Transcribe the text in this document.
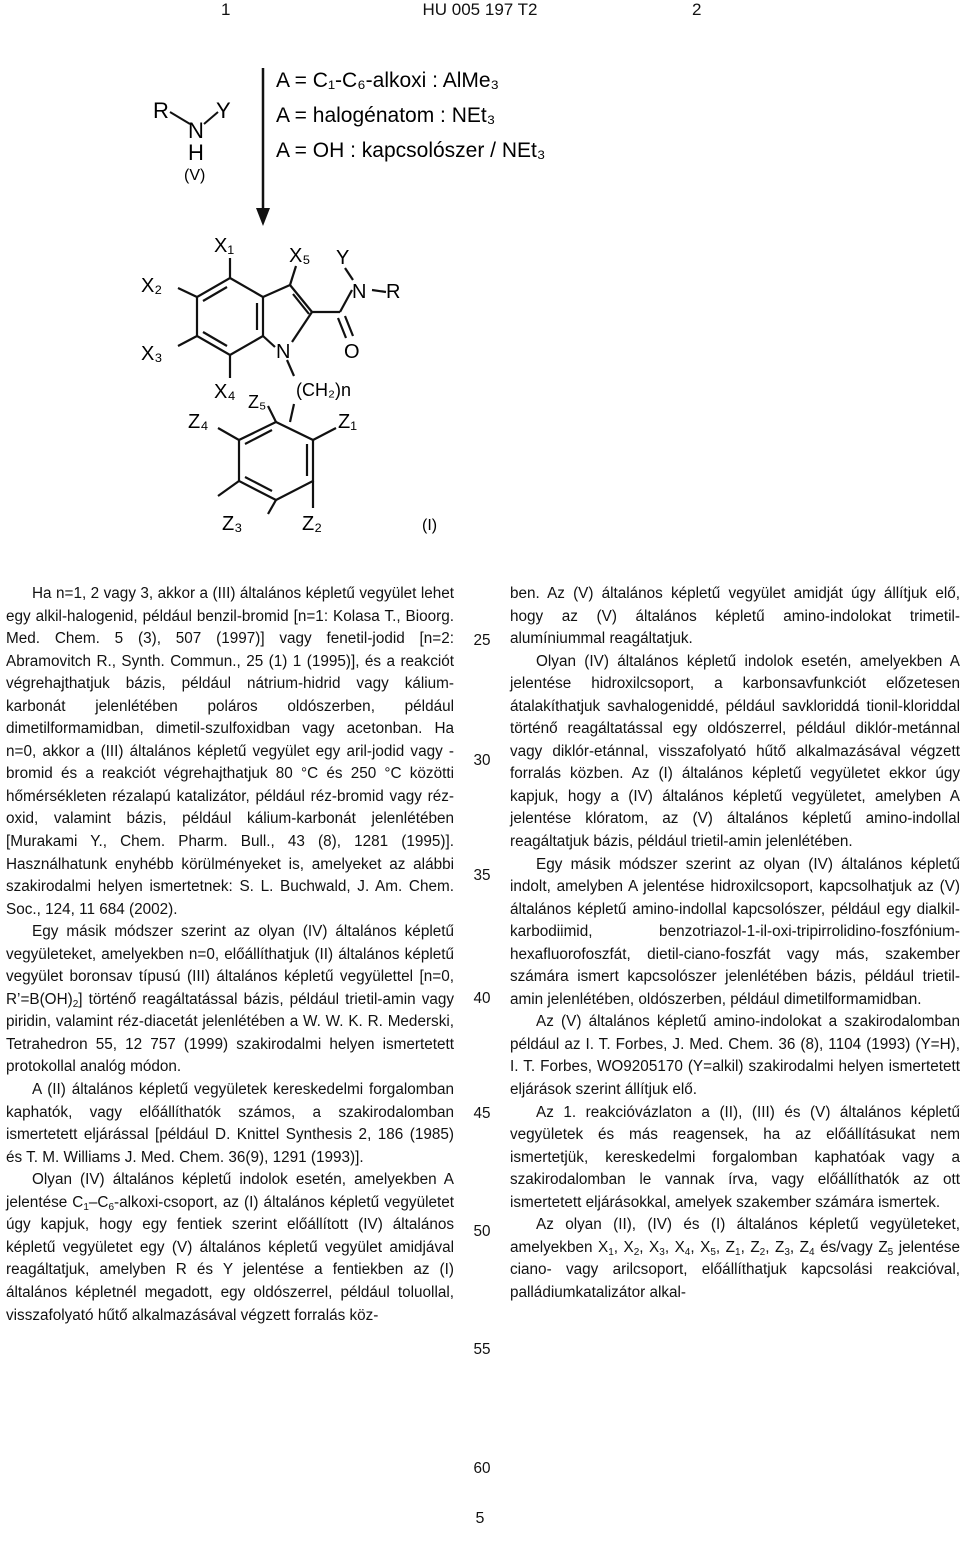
1	HU 005 197 T2	2
R
N
Y
H
(V)
A = C₁-C₆-alkoxi : AlMe₃
A = halogénatom : NEt₃
A = OH : kapcsolószer / NEt₃
X₁
X₂
X₃
X₄
X₅ Y
N R
O
N
(CH₂)n
Z₅
Z₁
Z₄
Z₃	Z₂	(I)

Ha n=1, 2 vagy 3, akkor a (III) általános képletű vegyület lehet egy alkil-halogenid, például benzil-bromid [n=1: Kolasa T., Bioorg. Med. Chem. 5 (3), 507 (1997)] vagy fenetil-jodid [n=2: Abramovitch R., Synth. Commun., 25 (1) 1 (1995)], és a reakciót végrehajthatjuk bázis, például nátrium-hidrid vagy kálium-karbonát jelenlétében poláros oldószerben, például dimetilformamidban, dimetil-szulfoxidban vagy acetonban. Ha n=0, akkor a (III) általános képletű vegyület egy aril-jodid vagy -bromid és a reakciót végrehajthatjuk 80 °C és 250 °C közötti hőmérsékleten rézalapú katalizátor, például réz-bromid vagy réz-oxid, valamint bázis, például kálium-karbonát jelenlétében [Murakami Y., Chem. Pharm. Bull., 43 (8), 1281 (1995)]. Használhatunk enyhébb körülményeket is, amelyeket az alábbi szakirodalmi helyen ismertetnek: S. L. Buchwald, J. Am. Chem. Soc., 124, 11 684 (2002).

Egy másik módszer szerint az olyan (IV) általános képletű vegyületeket, amelyekben n=0, előállíthatjuk (II) általános képletű vegyület boronsav típusú (III) általános képletű vegyülettel [n=0, $R’=B(OH)_2$] történő reagáltatással bázis, például trietil-amin vagy piridin, valamint réz-diacetát jelenlétében a W. W. K. R. Mederski, Tetrahedron 55, 12 757 (1999) szakirodalmi helyen ismertetett protokollal analóg módon.

A (II) általános képletű vegyületek kereskedelmi forgalomban kaphatók, vagy előállíthatók számos, a szakirodalomban ismertetett eljárással [például D. Knittel Synthesis 2, 186 (1985) és T. M. Williams J. Med. Chem. 36(9), 1291 (1993)].

Olyan (IV) általános képletű indolok esetén, amelyekben A jelentése $C_1-C_6-alkoxi$-csoport, az (I) általános képletű vegyületet úgy kapjuk, hogy egy fentiek szerint előállított (IV) általános képletű vegyületet egy (V) általános képletű vegyület amidjával reagáltatjuk, amelyben R és Y jelentése a fentiekben az (I) általános képletnél megadott, egy oldószerrel, például toluollal, visszafolyató hűtő alkalmazásával végzett forralás köz-

25
30
35
40
45
50
55
60

ben. Az (V) általános képletű vegyület amidját úgy állítjuk elő, hogy az (V) általános képletű amino-indolokat trimetil-alumíniummal reagáltatjuk.

Olyan (IV) általános képletű indolok esetén, amelyekben A jelentése hidroxilcsoport, a karbonsavfunkciót előzetesen átalakíthatjuk savhalogeniddé, például savkloriddá tionil-kloriddal történő reagáltatással egy oldószerrel, például diklór-metánnal vagy diklór-etánnal, visszafolyató hűtő alkalmazásával végzett forralás közben. Az (I) általános képletű vegyületet ekkor úgy kapjuk, hogy a (IV) általános képletű vegyületet, amelyben A jelentése klóratom, az (V) általános képletű amino-indollal reagáltatjuk bázis, például trietil-amin jelenlétében.

Egy másik módszer szerint az olyan (IV) általános képletű indolt, amelyben A jelentése hidroxilcsoport, kapcsolhatjuk az (V) általános képletű amino-indollal kapcsolószer, például egy dialkil-karbodiimid, benzotriazol-1-il-oxi-tripirrolidino-foszfónium-hexafluorofoszfát, dietil-ciano-foszfát vagy más, szakember számára ismert kapcsolószer jelenlétében bázis, például trietil-amin jelenlétében, oldószerben, például dimetilformamidban.

Az (V) általános képletű amino-indolokat a szakirodalomban például az I. T. Forbes, J. Med. Chem. 36 (8), 1104 (1993) (Y=H), I. T. Forbes, WO9205170 (Y=alkil) szakirodalmi helyen ismertetett eljárások szerint állítjuk elő.

Az 1. reakcióvázlaton a (II), (III) és (V) általános képletű vegyületek és más reagensek, ha az előállításukat nem ismertetjük, kereskedelmi forgalomban kaphatóak vagy a szakirodalomban le vannak írva, vagy előállíthatók az ott ismertetett eljárásokkal, amelyek szakember számára ismertek.

Az olyan (II), (IV) és (I) általános képletű vegyületeket, amelyekben $X_1$, $X_2$, $X_3$, $X_4$, $X_5$, $Z_1$, $Z_2$, $Z_3$, $Z_4$ és/vagy $Z_5$ jelentése ciano- vagy arilcsoport, előállíthatjuk kapcsolási reakcióval, palládiumkatalizátor alkal-

5
